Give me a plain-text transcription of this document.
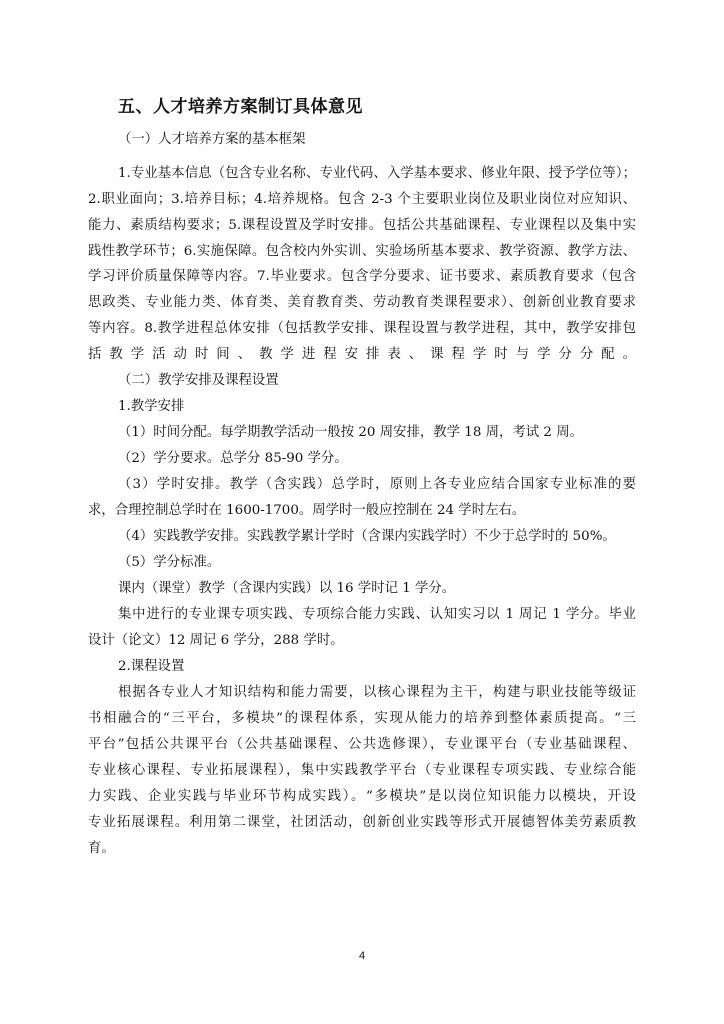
五、人才培养方案制订具体意见
（一）人才培养方案的基本框架
1.专业基本信息（包含专业名称、专业代码、入学基本要求、修业年限、授予学位等）；
2.职业面向；3.培养目标；4.培养规格。包含 2-3 个主要职业岗位及职业岗位对应知识、
能力、素质结构要求；5.课程设置及学时安排。包括公共基础课程、专业课程以及集中实
践性教学环节；6.实施保障。包含校内外实训、实验场所基本要求、教学资源、教学方法、
学习评价质量保障等内容。7.毕业要求。包含学分要求、证书要求、素质教育要求（包含
思政类、专业能力类、体育类、美育教育类、劳动教育类课程要求）、创新创业教育要求
等内容。8.教学进程总体安排（包括教学安排、课程设置与教学进程，其中，教学安排包
括教学活动时间、教学进程安排表、课程学时与学分分配。
（二）教学安排及课程设置
1.教学安排
（1）时间分配。每学期教学活动一般按 20 周安排，教学 18 周，考试 2 周。
（2）学分要求。总学分 85-90 学分。
（3）学时安排。教学（含实践）总学时，原则上各专业应结合国家专业标准的要
求，合理控制总学时在 1600-1700。周学时一般应控制在 24 学时左右。
（4）实践教学安排。实践教学累计学时（含课内实践学时）不少于总学时的 50%。
（5）学分标准。
课内（课堂）教学（含课内实践）以 16 学时记 1 学分。
集中进行的专业课专项实践、专项综合能力实践、认知实习以 1 周记 1 学分。毕业
设计（论文）12 周记 6 学分，288 学时。
2.课程设置
根据各专业人才知识结构和能力需要，以核心课程为主干，构建与职业技能等级证
书相融合的“三平台，多模块”的课程体系，实现从能力的培养到整体素质提高。“三
平台”包括公共课平台（公共基础课程、公共选修课），专业课平台（专业基础课程、
专业核心课程、专业拓展课程），集中实践教学平台（专业课程专项实践、专业综合能
力实践、企业实践与毕业环节构成实践）。“多模块”是以岗位知识能力以模块，开设
专业拓展课程。利用第二课堂，社团活动，创新创业实践等形式开展德智体美劳素质教
育。
4
